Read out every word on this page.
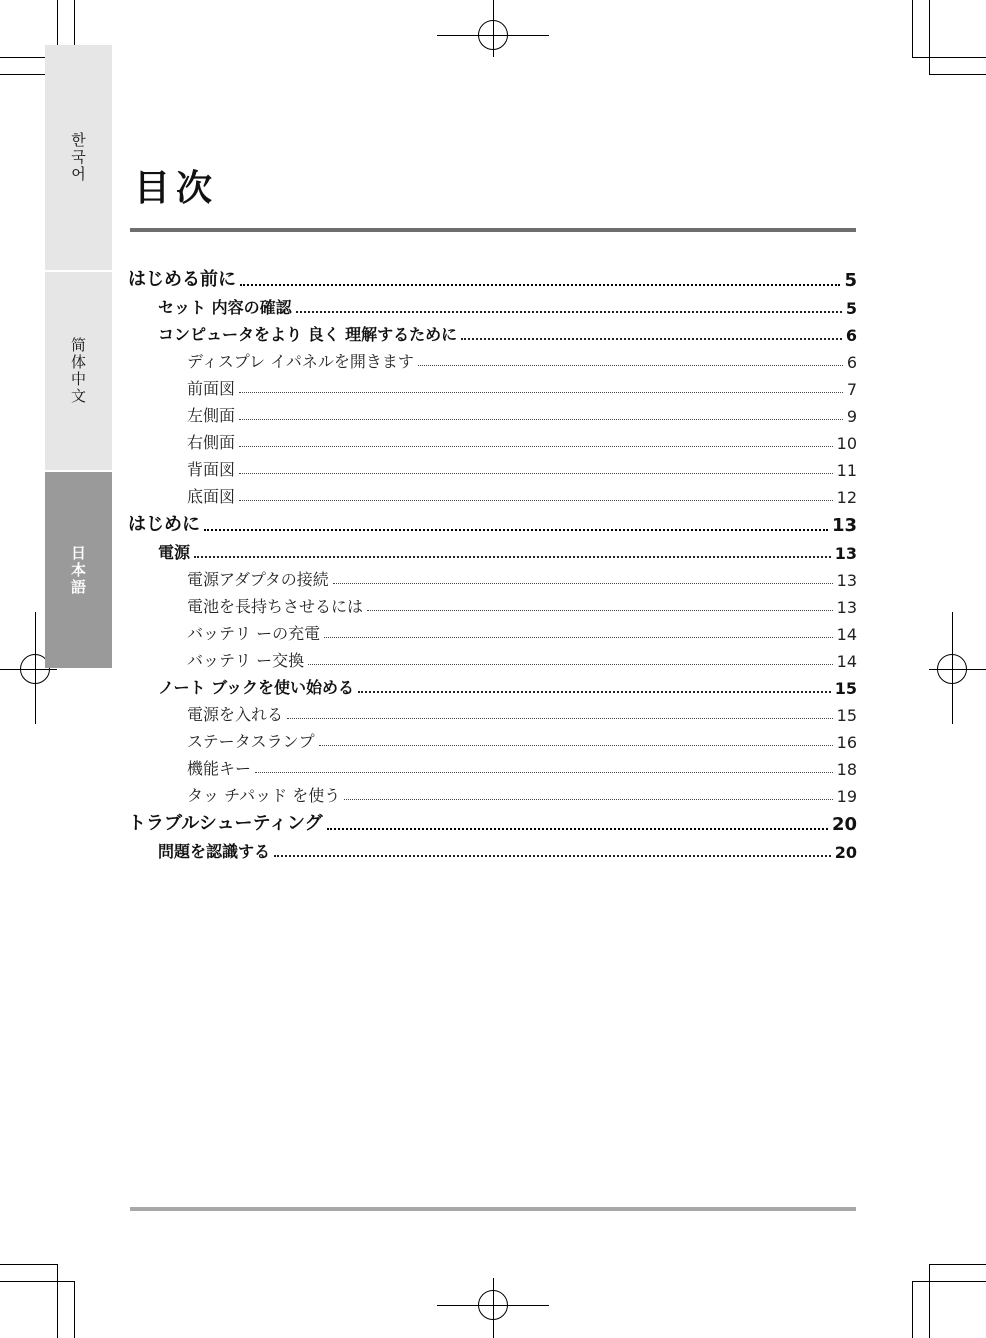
한국어
简体中文
日本語
目次
はじめる前に	5
セット 内容の確認	5
コンピュータをより 良く 理解するために	6
ディスプレ イパネルを開きます	6
前面図	7
左側面	9
右側面	10
背面図	11
底面図	12
はじめに	13
電源	13
電源アダプタの接続	13
電池を長持ちさせるには	13
バッテリ ーの充電	14
バッテリ ー交換	14
ノート ブックを使い始める	15
電源を入れる	15
ステータスランプ	16
機能キー	18
タッ チパッド を使う	19
トラブルシューティング	20
問題を認識する	20
